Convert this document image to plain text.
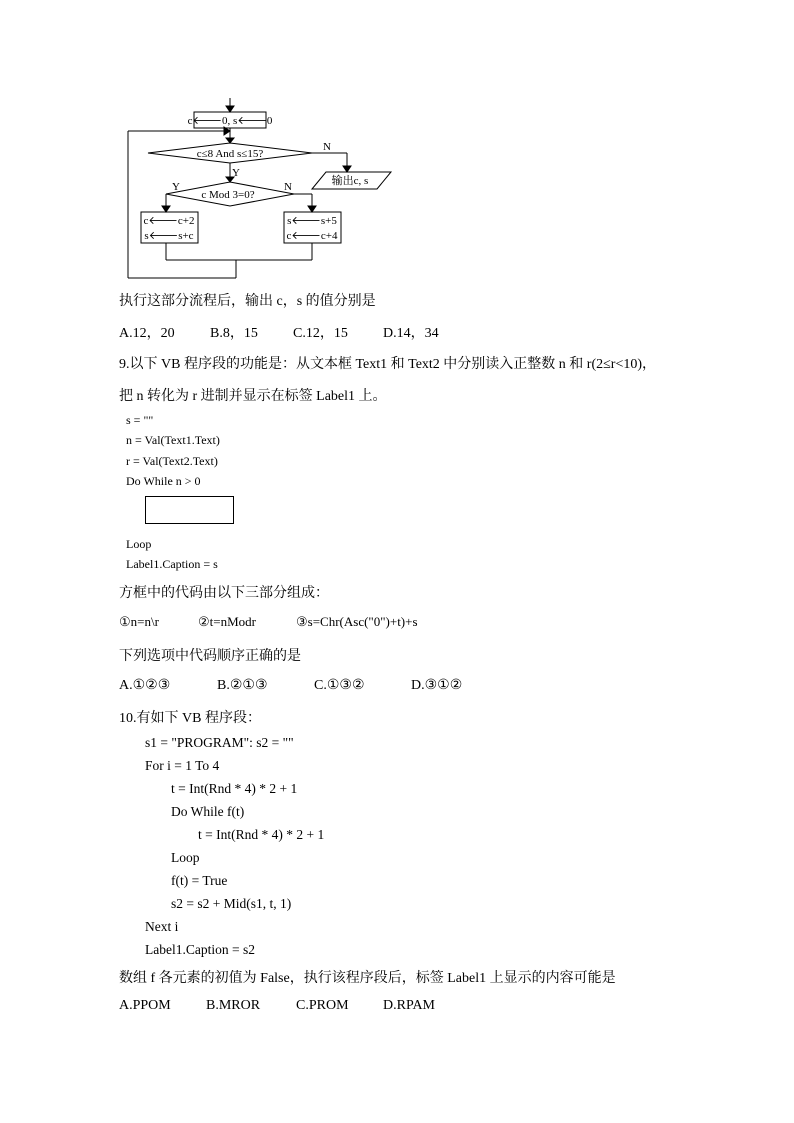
c🡐0, s🡐0
c≤8 And s≤15?
N
输出c, s
Y
c Mod 3=0?
Y	N
c🡐c+2
s🡐s+c
s🡐s+5
c🡐c+4
执行这部分流程后，输出 c，s 的值分别是
A.12，20	B.8，15	C.12，15	D.14，34
9.以下 VB 程序段的功能是：从文本框 Text1 和 Text2 中分别读入正整数 n 和 r(2≤r<10)，
把 n 转化为 r 进制并显示在标签 Label1 上。
s = ""
n = Val(Text1.Text)
r = Val(Text2.Text)
Do While n > 0
Loop
Label1.Caption = s
方框中的代码由以下三部分组成：
①n=n\r	②t=nModr	③s=Chr(Asc("0")+t)+s
下列选项中代码顺序正确的是
A.①②③	B.②①③	C.①③②	D.③①②
10.有如下 VB 程序段：
s1 = "PROGRAM": s2 = ""
For i = 1 To 4
t = Int(Rnd * 4) * 2 + 1
Do While f(t)
t = Int(Rnd * 4) * 2 + 1
Loop
f(t) = True
s2 = s2 + Mid(s1, t, 1)
Next i
Label1.Caption = s2
数组 f 各元素的初值为 False，执行该程序段后，标签 Label1 上显示的内容可能是
A.PPOM	B.MROR	C.PROM D.RPAM
